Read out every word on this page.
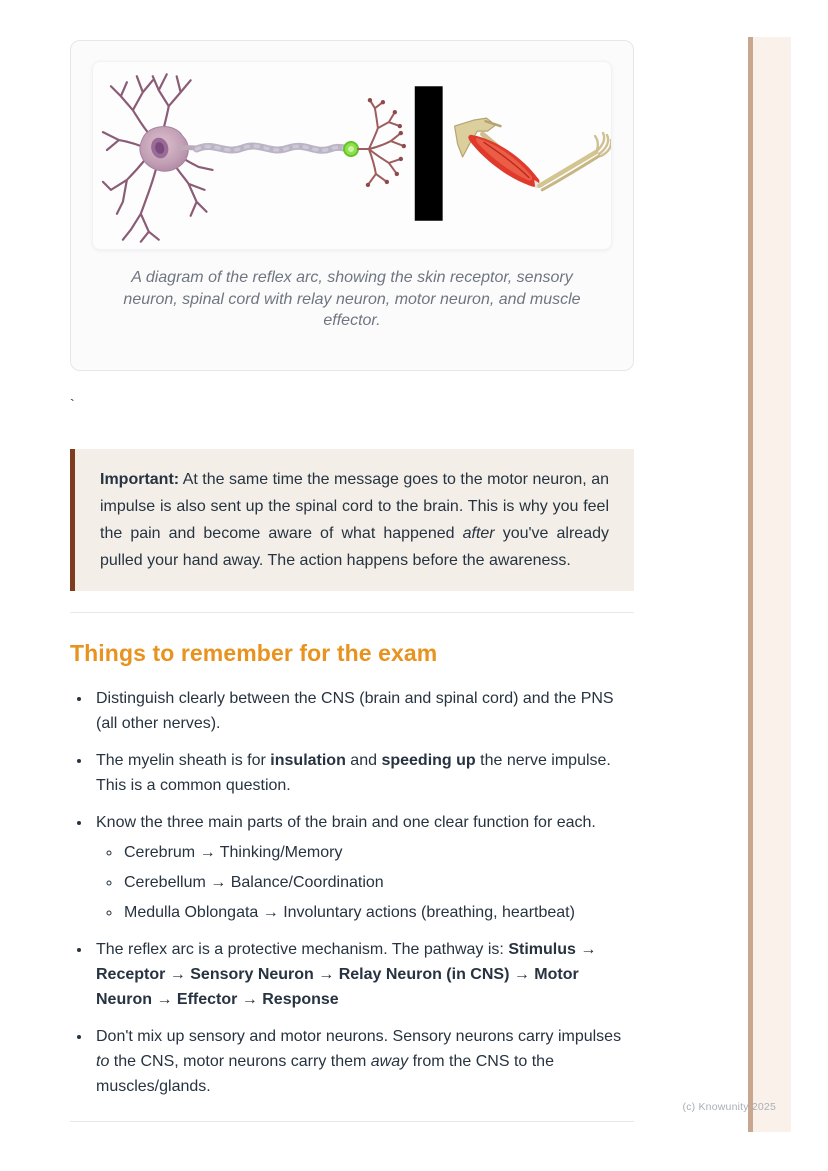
A diagram of the reflex arc, showing the skin receptor, sensory neuron, spinal cord with relay neuron, motor neuron, and muscle effector.
`

Important: At the same time the message goes to the motor neuron, an impulse is also sent up the spinal cord to the brain. This is why you feel the pain and become aware of what happened after you've already pulled your hand away. The action happens before the awareness.

Things to remember for the exam
• Distinguish clearly between the CNS (brain and spinal cord) and the PNS (all other nerves).
• The myelin sheath is for insulation and speeding up the nerve impulse. This is a common question.
• Know the three main parts of the brain and one clear function for each.
◦ Cerebrum → Thinking/Memory
◦ Cerebellum → Balance/Coordination
◦ Medulla Oblongata → Involuntary actions (breathing, heartbeat)
• The reflex arc is a protective mechanism. The pathway is: Stimulus → Receptor → Sensory Neuron → Relay Neuron (in CNS) → Motor Neuron → Effector → Response
• Don't mix up sensory and motor neurons. Sensory neurons carry impulses to the CNS, motor neurons carry them away from the CNS to the muscles/glands.
(c) Knowunity 2025
